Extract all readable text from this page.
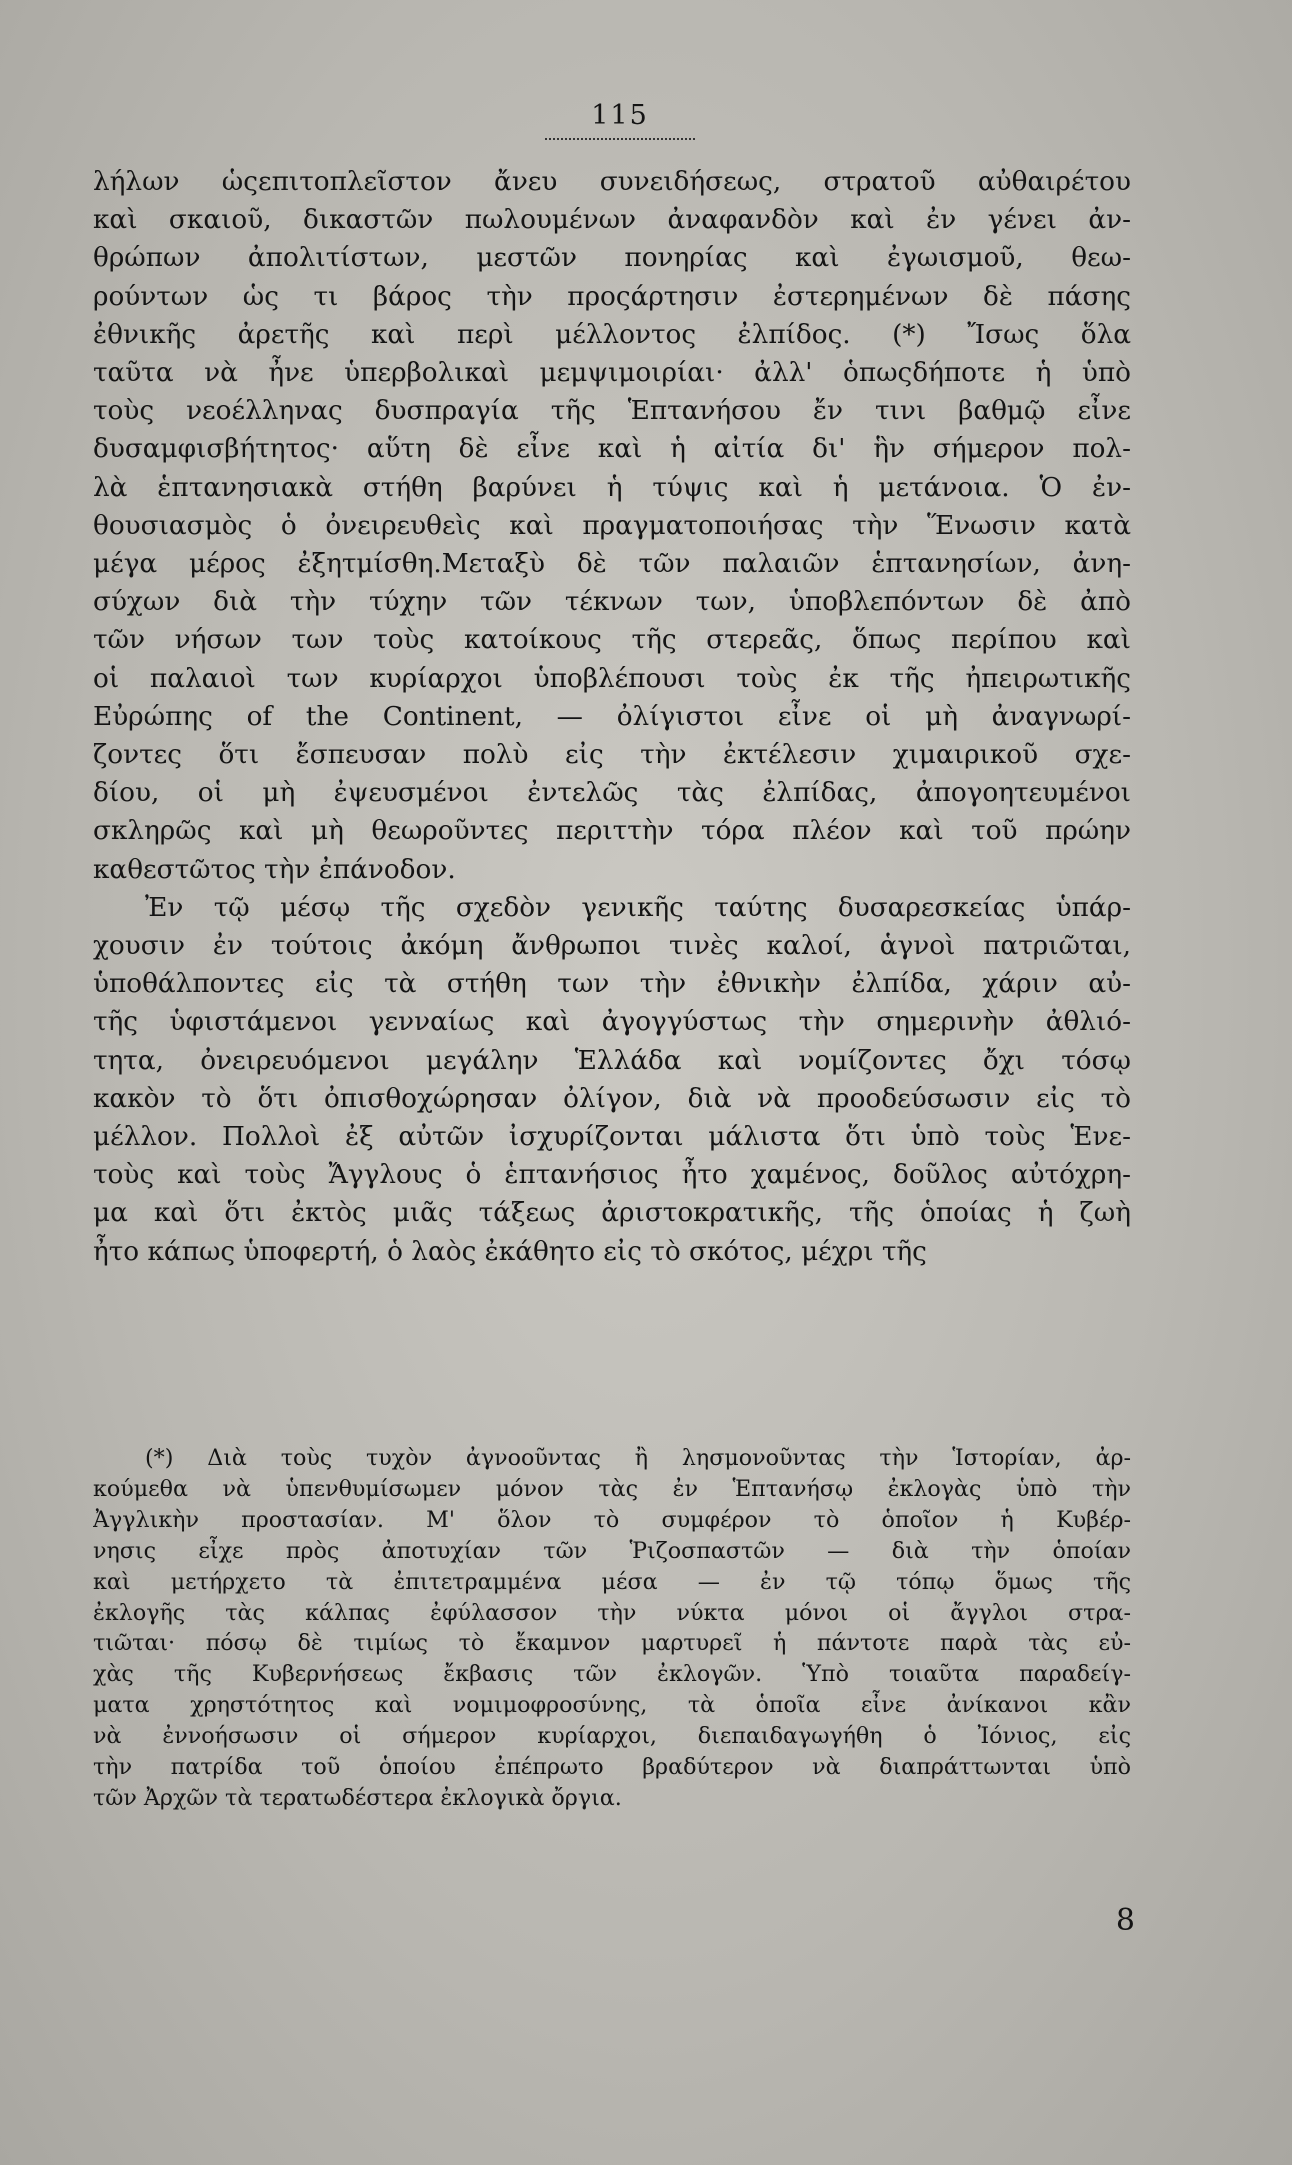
115
λήλων ὡςεπιτοπλεῖστον ἄνευ συνειδήσεως, στρατοῦ αὐθαιρέτου
καὶ σκαιοῦ, δικαστῶν πωλουμένων ἀναφανδὸν καὶ ἐν γένει ἀν-
θρώπων ἀπολιτίστων, μεστῶν πονηρίας καὶ ἐγωισμοῦ, θεω-
ρούντων ὡς τι βάρος τὴν προςάρτησιν ἐστερημένων δὲ πάσης
ἐθνικῆς ἀρετῆς καὶ περὶ μέλλοντος ἐλπίδος. (*) Ἴσως ὅλα
ταῦτα νὰ ἦνε ὑπερβολικαὶ μεμψιμοιρίαι· ἀλλ' ὁπωςδήποτε ἡ ὑπὸ
τοὺς νεοέλληνας δυσπραγία τῆς Ἑπτανήσου ἔν τινι βαθμῷ εἶνε
δυσαμφισβήτητος· αὕτη δὲ εἶνε καὶ ἡ αἰτία δι' ἣν σήμερον πολ-
λὰ ἑπτανησιακὰ στήθη βαρύνει ἡ τύψις καὶ ἡ μετάνοια. Ὁ ἐν-
θουσιασμὸς ὁ ὀνειρευθεὶς καὶ πραγματοποιήσας τὴν Ἕνωσιν κατὰ
μέγα μέρος ἐξητμίσθη.Μεταξὺ δὲ τῶν παλαιῶν ἑπτανησίων, ἀνη-
σύχων διὰ τὴν τύχην τῶν τέκνων των, ὑποβλεπόντων δὲ ἀπὸ
τῶν νήσων των τοὺς κατοίκους τῆς στερεᾶς, ὅπως περίπου καὶ
οἱ παλαιοὶ των κυρίαρχοι ὑποβλέπουσι τοὺς ἐκ τῆς ἠπειρωτικῆς
Εὐρώπης of the Continent, — ὀλίγιστοι εἶνε οἱ μὴ ἀναγνωρί-
ζοντες ὅτι ἔσπευσαν πολὺ εἰς τὴν ἐκτέλεσιν χιμαιρικοῦ σχε-
δίου, οἱ μὴ ἐψευσμένοι ἐντελῶς τὰς ἐλπίδας, ἀπογοητευμένοι
σκληρῶς καὶ μὴ θεωροῦντες περιττὴν τόρα πλέον καὶ τοῦ πρώην
καθεστῶτος τὴν ἐπάνοδον.
Ἐν τῷ μέσῳ τῆς σχεδὸν γενικῆς ταύτης δυσαρεσκείας ὑπάρ-
χουσιν ἐν τούτοις ἀκόμη ἄνθρωποι τινὲς καλοί, ἁγνοὶ πατριῶται,
ὑποθάλποντες εἰς τὰ στήθη των τὴν ἐθνικὴν ἐλπίδα, χάριν αὐ-
τῆς ὑφιστάμενοι γενναίως καὶ ἀγογγύστως τὴν σημερινὴν ἀθλιό-
τητα, ὀνειρευόμενοι μεγάλην Ἑλλάδα καὶ νομίζοντες ὄχι τόσῳ
κακὸν τὸ ὅτι ὀπισθοχώρησαν ὀλίγον, διὰ νὰ προοδεύσωσιν εἰς τὸ
μέλλον. Πολλοὶ ἐξ αὐτῶν ἰσχυρίζονται μάλιστα ὅτι ὑπὸ τοὺς Ἑνε-
τοὺς καὶ τοὺς Ἄγγλους ὁ ἑπτανήσιος ἦτο χαμένος, δοῦλος αὐτόχρη-
μα καὶ ὅτι ἐκτὸς μιᾶς τάξεως ἀριστοκρατικῆς, τῆς ὁποίας ἡ ζωὴ
ἦτο κάπως ὑποφερτή, ὁ λαὸς ἐκάθητο εἰς τὸ σκότος, μέχρι τῆς
(*) Διὰ τοὺς τυχὸν ἀγνοοῦντας ἢ λησμονοῦντας τὴν Ἱστορίαν, ἀρ-
κούμεθα νὰ ὑπενθυμίσωμεν μόνον τὰς ἐν Ἑπτανήσῳ ἐκλογὰς ὑπὸ τὴν
Ἀγγλικὴν προστασίαν. Μ' ὅλον τὸ συμφέρον τὸ ὁποῖον ἡ Κυβέρ-
νησις εἶχε πρὸς ἀποτυχίαν τῶν Ῥιζοσπαστῶν — διὰ τὴν ὁποίαν
καὶ μετήρχετο τὰ ἐπιτετραμμένα μέσα — ἐν τῷ τόπῳ ὅμως τῆς
ἐκλογῆς τὰς κάλπας ἐφύλασσον τὴν νύκτα μόνοι οἱ ἄγγλοι στρα-
τιῶται· πόσῳ δὲ τιμίως τὸ ἔκαμνον μαρτυρεῖ ἡ πάντοτε παρὰ τὰς εὐ-
χὰς τῆς Κυβερνήσεως ἔκβασις τῶν ἐκλογῶν. Ὑπὸ τοιαῦτα παραδείγ-
ματα χρηστότητος καὶ νομιμοφροσύνης, τὰ ὁποῖα εἶνε ἀνίκανοι κἂν
νὰ ἐννοήσωσιν οἱ σήμερον κυρίαρχοι, διεπαιδαγωγήθη ὁ Ἰόνιος, εἰς
τὴν πατρίδα τοῦ ὁποίου ἐπέπρωτο βραδύτερον νὰ διαπράττωνται ὑπὸ
τῶν Ἀρχῶν τὰ τερατωδέστερα ἐκλογικὰ ὄργια.
8
